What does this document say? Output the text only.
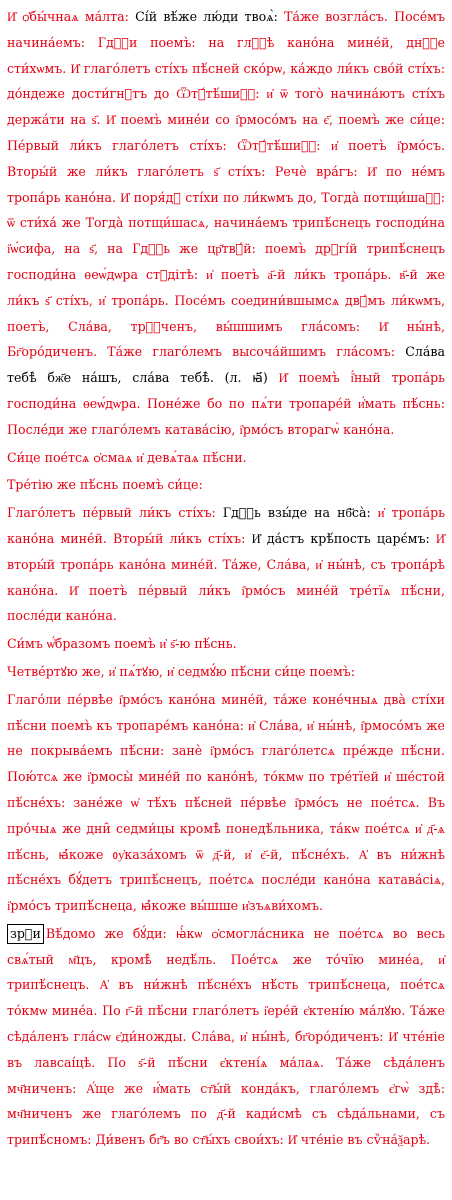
И҆ ѻ҆бы́чнаѧ ма́лта: Сі́й вѣ́же лю́ди твоѧ̀: Та́же возгла́съ. Посе́мъ начина́емъ: Гдⷭ҇и поемъ̀: на глⷭ҇ѣ кано́на мине́й, днⷭ҇е сти́хѡмъ. И҆ глаго́летъ сті́хъ пѣ́сней ско́рѡ, ка́ждо ли́къ сво́й сті́хъ: до́ндеже дости́гнꙋтъ до Ѿтꙋ́тѣ́шиⷭ҇: и҆ ѿ того̀ начина́ютъ сті́хъ держа́ти на ѕ҃. И҆ поемъ̀ мине́и со і҆рмосо́мъ на є҃, поемъ̀ же си́це: Пе́рвый ли́къ глаго́летъ сті́хъ: Ѿтꙋ́тѣ́шиⷭ҇: и҆ поетъ̀ і҆рмо́съ. Вторы́й же ли́къ глаго́летъ ѕ҃ сті́хъ: Речѐ вра́гъ: И҆ по не́мъ тропа́рь кано́на. И҆ поря́дꙋ сті́хи по ли́кѡмъ до, Тогда̀ потщи́шаⷭ҇: ѿ сти́ха́ же Тогда̀ потщи́шасѧ, начина́емъ трипѣ́снецъ господи́на і҆ѡ́сифа, на ѕ҃, на Гдⷭ҇ь же цр҃твꙋ́й: поемъ̀ дрꙋгі́й трипѣ́снецъ господи́на ѳеѡ́дѡра стꙋдітѣ: и҆ поетъ̀ а҃-й ли́къ тропа́рь. в҃-й же ли́къ ѕ҃ сті́хъ, и҆ тропа́рь. Посе́мъ соедини́вшымсѧ двꙋ́мъ ли́кѡмъ, поетъ̀, Сла́ва, трⷪ҇ченъ, вы́шшимъ гла́сомъ: И҆ ны́нѣ, Бг҃оро́диченъ. Та́же глаго́лемъ высоча́йшимъ гла́сомъ: Сла́ва тебѣ̀ бж҃е на́шъ, сла́ва тебѣ̀. (л. ꙗ҃) И҆ поемъ̀ і҆́ный тропа́рь господи́на ѳеѡ́дѡра. Поне́же бо по пѧ́ти тропаре́й и҆́мать пѣ́снь: После́ди же глаго́лемъ катава́сію, і҆рмо́съ вторагѡ̀ кано́на.

Си́це пое́тсѧ ѻ҆смаѧ и҆ девѧ́таѧ пѣ́сни.

Тре́тію же пѣ́снь поемъ̀ си́це:

Глаго́летъ пе́рвый ли́къ сті́хъ: Гдⷭ҇ь взы́де на нб҃са̀: и҆ тропа́рь кано́на мине́й. Вторы́й ли́къ сті́хъ: И҆ да́стъ крѣ́пость царє́мъ: И҆ вторы́й тропа́рь кано́на мине́й. Та́же, Сла́ва, и҆ ны́нѣ, съ тропа́рѣ кано́на. И҆ поетъ̀ пе́рвый ли́къ і҆рмо́съ мине́й тре́тїѧ пѣ́сни, после́ди кано́на.

Си́мъ ѡ҆́бразомъ поемъ̀ и҆ ѕ҃-ю пѣ́снь.

Четве́ртꙋю же, и҆ пѧ́тꙋю, и҆ седмꙋ́ю пѣ́сни си́це поемъ̀:

Глаго́ли пе́рвѣе і҆рмо́съ кано́на мине́й, та́же коне́чныѧ два̀ сті́хи пѣ́сни поемъ̀ къ тропаре́мъ кано́на: и҆ Сла́ва, и҆ ны́нѣ, і҆рмосо́мъ же не покрыва́емъ пѣ́сни: занѐ і҆рмо́съ глаго́летсѧ пре́жде пѣ́сни. Пою́тсѧ же і҆рмосы̀ мине́й по кано́нѣ, то́кмѡ по тре́тїей и҆ ше́стой пѣ́сне́хъ: зане́же ѡ҆ тѣ́хъ пѣ́сней пе́рвѣе і҆рмо́съ не пое́тсѧ. Въ про́чыѧ же дни̑ седми́цы кромѣ̀ понедѣ́льника, та́кѡ пое́тсѧ и҆ д҃-ѧ пѣ́снь, ꙗ҆́коже ᲂу҆каза́хомъ ѿ д҃-й, и҆ є҃-й, пѣ́сне́хъ. А҆ въ ни́жнѣ пѣ́сне́хъ бꙋ́детъ трипѣ́снецъ, пое́тсѧ после́ди кано́на катава́сіѧ, і҆рмо́съ трипѣ́снеца, ꙗ҆́коже вы́шше и҆зъѧви́хомъ.

зрⷶи Вѣ́домо же бꙋ́ди: ꙗ҆́кѡ ѻ҆смогла́сника не пое́тсѧ во весь свѧ́тый м҃цъ, кромѣ̀ недѣ́ль. Пое́тсѧ же то́чїю мине́а, и҆ трипѣ́снецъ. А҆ въ ни́жнѣ пѣ́сне́хъ нѣ́сть трипѣ́снеца, пое́тсѧ то́кмѡ мине́а. По г҃-й пѣ́сни глаго́летъ і҆ере́й є҆ктені́ю ма́лꙋю. Та́же сѣда́ленъ гла́сѡ є҆ди́ножды. Сла́ва, и҆ ны́нѣ, бг҃оро́диченъ: И҆ чте́ніе въ лавсаі́цѣ. По ѕ҃-й пѣ́сни є҆ктені́ѧ ма́лаѧ. Та́же сѣда́ленъ мч҃ниченъ: А҆́ще же и҆́мать ст҃ы́й конда́къ, глаго́лемъ є҆гѡ̀ здѣ̀: мч҃ниченъ же глаго́лемъ по д҃-й кади́смѣ съ сѣда́льнами, съ трипѣ́сномъ: Ди́венъ бг҃ъ во ст҃ы́хъ свои́хъ: И҆ чте́ніе въ сѷна́ѯарѣ.
